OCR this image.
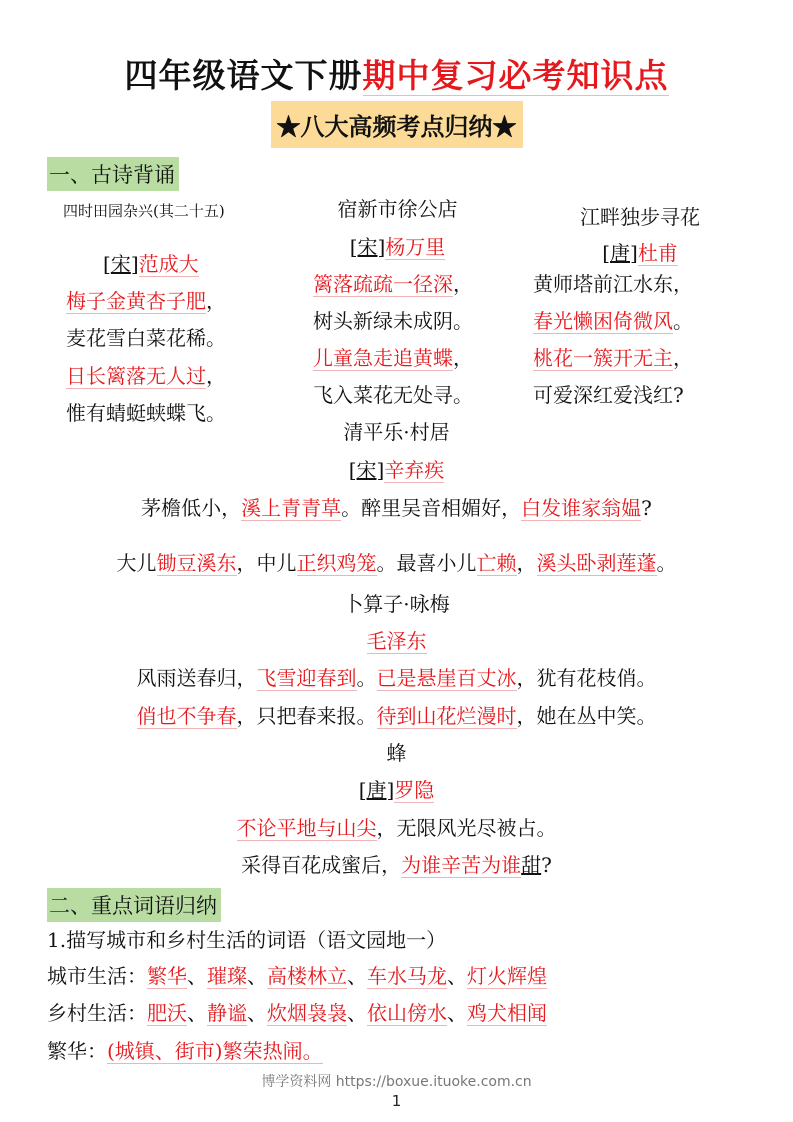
四年级语文下册期中复习必考知识点
★八大高频考点归纳★
一、古诗背诵
四时田园杂兴(其二十五)
[宋]范成大
梅子金黄杏子肥，
麦花雪白菜花稀。
日长篱落无人过，
惟有蜻蜓蛱蝶飞。
宿新市徐公店
[宋]杨万里
篱落疏疏一径深，
树头新绿未成阴。
儿童急走追黄蝶，
飞入菜花无处寻。
江畔独步寻花
[唐]杜甫
黄师塔前江水东，
春光懒困倚微风。
桃花一簇开无主，
可爱深红爱浅红?
清平乐·村居
[宋]辛弃疾
茅檐低小，溪上青青草。醉里吴音相媚好，白发谁家翁媪?
大儿锄豆溪东，中儿正织鸡笼。最喜小儿亡赖，溪头卧剥莲蓬。
卜算子·咏梅
毛泽东
风雨送春归，飞雪迎春到。已是悬崖百丈冰，犹有花枝俏。
俏也不争春，只把春来报。待到山花烂漫时，她在丛中笑。
蜂
[唐]罗隐
不论平地与山尖，无限风光尽被占。
采得百花成蜜后，为谁辛苦为谁甜?
二、重点词语归纳
1.描写城市和乡村生活的词语（语文园地一）
城市生活：繁华、璀璨、高楼林立、车水马龙、灯火辉煌
乡村生活：肥沃、静谧、炊烟袅袅、依山傍水、鸡犬相闻
繁华：(城镇、街市)繁荣热闹。
博学资料网 https://boxue.ituoke.com.cn
1
